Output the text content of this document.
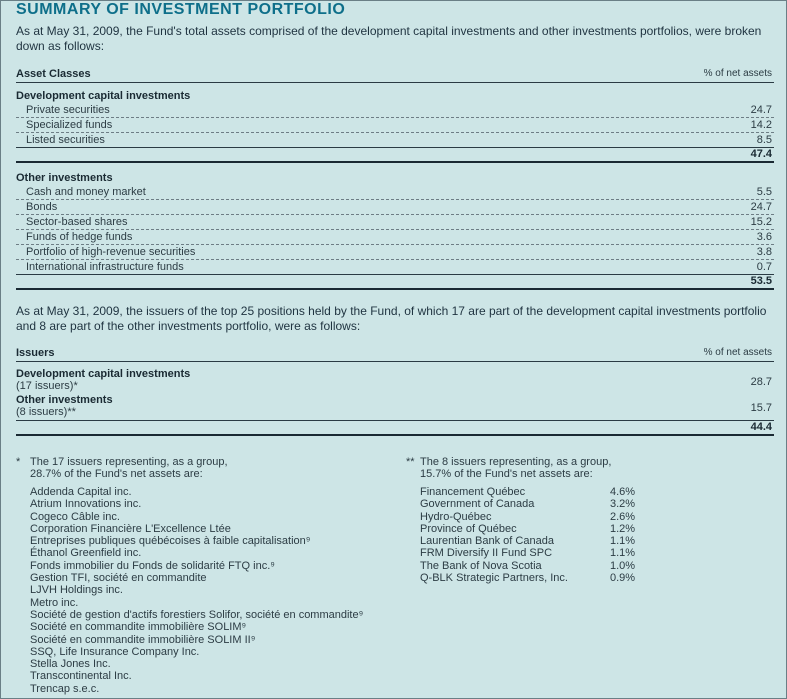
SUMMARY OF INVESTMENT PORTFOLIO
As at May 31, 2009, the Fund's total assets comprised of the development capital investments and other investments portfolios, were broken down as follows:
Asset Classes	% of net assets
Development capital investments
Private securities	24.7
Specialized funds	14.2
Listed securities	8.5
47.4
Other investments
Cash and money market	5.5
Bonds	24.7
Sector-based shares	15.2
Funds of hedge funds	3.6
Portfolio of high-revenue securities	3.8
International infrastructure funds	0.7
53.5
As at May 31, 2009, the issuers of the top 25 positions held by the Fund, of which 17 are part of the development capital investments portfolio and 8 are part of the other investments portfolio, were as follows:
Issuers	% of net assets
Development capital investments
(17 issuers)*	28.7
Other investments
(8 issuers)**	15.7
44.4
* The 17 issuers representing, as a group,
28.7% of the Fund's net assets are:
Addenda Capital inc.
Atrium Innovations inc.
Cogeco Câble inc.
Corporation Financière L'Excellence Ltée
Entreprises publiques québécoises à faible capitalisation⁹
Éthanol Greenfield inc.
Fonds immobilier du Fonds de solidarité FTQ inc.⁹
Gestion TFI, société en commandite
LJVH Holdings inc.
Metro inc.
Société de gestion d'actifs forestiers Solifor, société en commandite⁹
Société en commandite immobilière SOLIM⁹
Société en commandite immobilière SOLIM II⁹
SSQ, Life Insurance Company Inc.
Stella Jones Inc.
Transcontinental Inc.
Trencap s.e.c.
** The 8 issuers representing, as a group,
15.7% of the Fund's net assets are:
Financement Québec	4.6%
Government of Canada	3.2%
Hydro-Québec	2.6%
Province of Québec	1.2%
Laurentian Bank of Canada	1.1%
FRM Diversify II Fund SPC	1.1%
The Bank of Nova Scotia	1.0%
Q-BLK Strategic Partners, Inc.	0.9%
